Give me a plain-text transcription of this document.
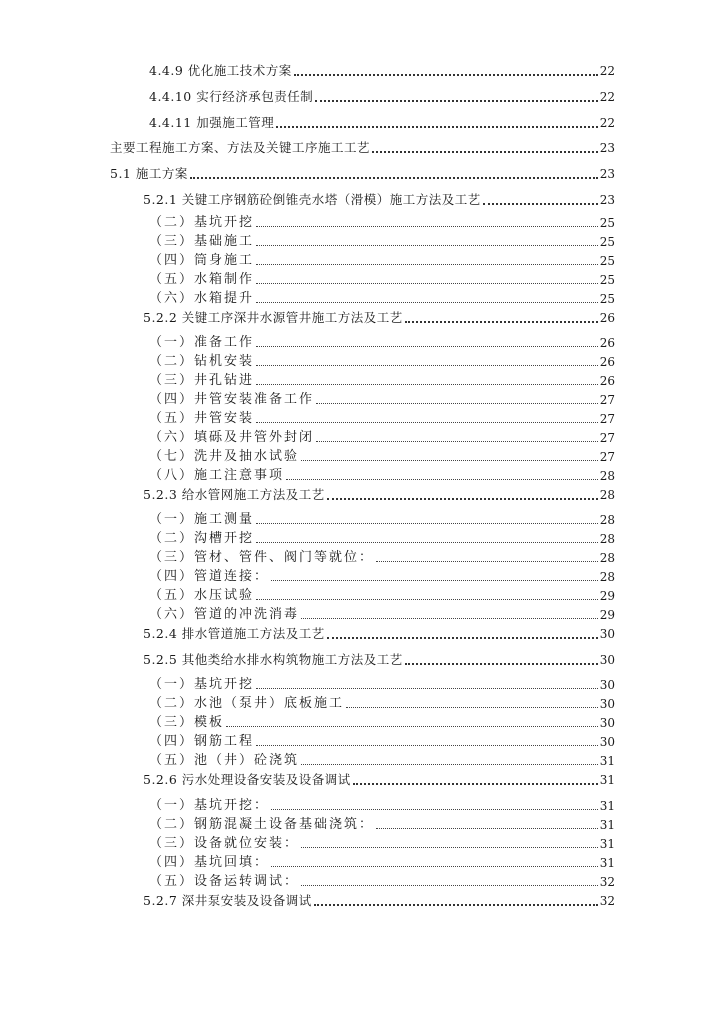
4.4.9 优化施工技术方案	22
4.4.10 实行经济承包责任制	22
4.4.11 加强施工管理	22
主要工程施工方案、方法及关键工序施工工艺	23
5.1 施工方案	23
5.2.1 关键工序钢筋砼倒锥壳水塔（滑模）施工方法及工艺	23
（二）基坑开挖	25
（三）基础施工	25
（四）筒身施工	25
（五）水箱制作	25
（六）水箱提升	25
5.2.2 关键工序深井水源管井施工方法及工艺	26
（一）准备工作	26
（二）钻机安装	26
（三）井孔钻进	26
（四）井管安装准备工作	27
（五）井管安装	27
（六）填砾及井管外封闭	27
（七）洗井及抽水试验	27
（八）施工注意事项	28
5.2.3 给水管网施工方法及工艺	28
（一）施工测量	28
（二）沟槽开挖	28
（三）管材、管件、阀门等就位：	28
（四）管道连接：	28
（五）水压试验	29
（六）管道的冲洗消毒	29
5.2.4 排水管道施工方法及工艺	30
5.2.5 其他类给水排水构筑物施工方法及工艺	30
（一）基坑开挖	30
（二）水池（泵井）底板施工	30
（三）模板	30
（四）钢筋工程	30
（五）池（井）砼浇筑	31
5.2.6 污水处理设备安装及设备调试	31
（一）基坑开挖：	31
（二）钢筋混凝土设备基础浇筑：	31
（三）设备就位安装：	31
（四）基坑回填：	31
（五）设备运转调试：	32
5.2.7 深井泵安装及设备调试	32
